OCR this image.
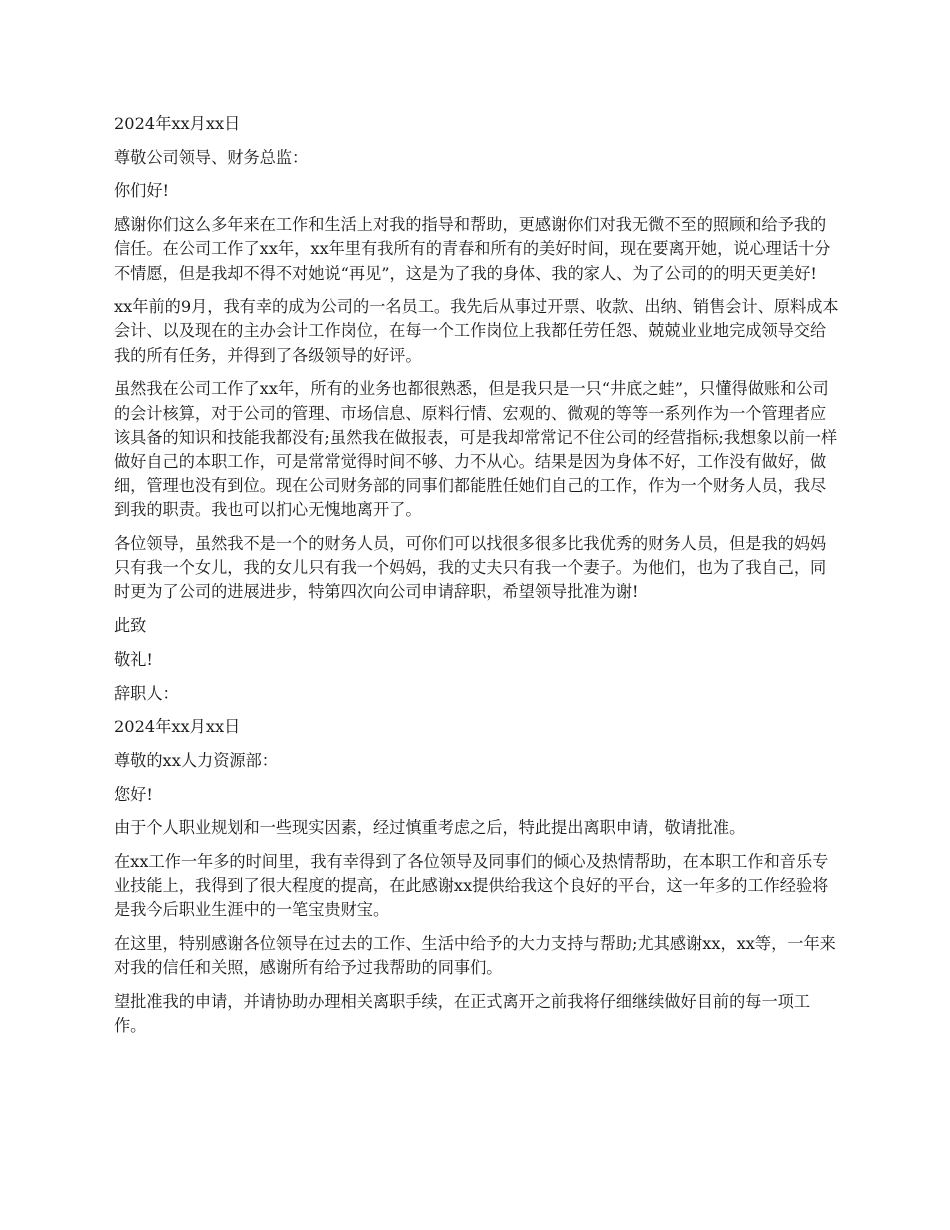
2024年xx月xx日

尊敬公司领导、财务总监：

你们好!

感谢你们这么多年来在工作和生活上对我的指导和帮助，更感谢你们对我无微不至的照顾和给予我的信任。在公司工作了xx年，xx年里有我所有的青春和所有的美好时间，现在要离开她，说心理话十分不情愿，但是我却不得不对她说“再见”，这是为了我的身体、我的家人、为了公司的的明天更美好!

xx年前的9月，我有幸的成为公司的一名员工。我先后从事过开票、收款、出纳、销售会计、原料成本会计、以及现在的主办会计工作岗位，在每一个工作岗位上我都任劳任怨、兢兢业业地完成领导交给我的所有任务，并得到了各级领导的好评。

虽然我在公司工作了xx年，所有的业务也都很熟悉，但是我只是一只“井底之蛙”，只懂得做账和公司的会计核算，对于公司的管理、市场信息、原料行情、宏观的、微观的等等一系列作为一个管理者应该具备的知识和技能我都没有;虽然我在做报表，可是我却常常记不住公司的经营指标;我想象以前一样做好自己的本职工作，可是常常觉得时间不够、力不从心。结果是因为身体不好，工作没有做好，做细，管理也没有到位。现在公司财务部的同事们都能胜任她们自己的工作，作为一个财务人员，我尽到我的职责。我也可以扪心无愧地离开了。

各位领导，虽然我不是一个的财务人员，可你们可以找很多很多比我优秀的财务人员，但是我的妈妈只有我一个女儿，我的女儿只有我一个妈妈，我的丈夫只有我一个妻子。为他们，也为了我自己，同时更为了公司的进展进步，特第四次向公司申请辞职，希望领导批准为谢!

此致

敬礼!

辞职人：

2024年xx月xx日

尊敬的xx人力资源部：

您好!

由于个人职业规划和一些现实因素，经过慎重考虑之后，特此提出离职申请，敬请批准。

在xx工作一年多的时间里，我有幸得到了各位领导及同事们的倾心及热情帮助，在本职工作和音乐专业技能上，我得到了很大程度的提高，在此感谢xx提供给我这个良好的平台，这一年多的工作经验将是我今后职业生涯中的一笔宝贵财宝。

在这里，特别感谢各位领导在过去的工作、生活中给予的大力支持与帮助;尤其感谢xx，xx等，一年来对我的信任和关照，感谢所有给予过我帮助的同事们。

望批准我的申请，并请协助办理相关离职手续，在正式离开之前我将仔细继续做好目前的每一项工作。
